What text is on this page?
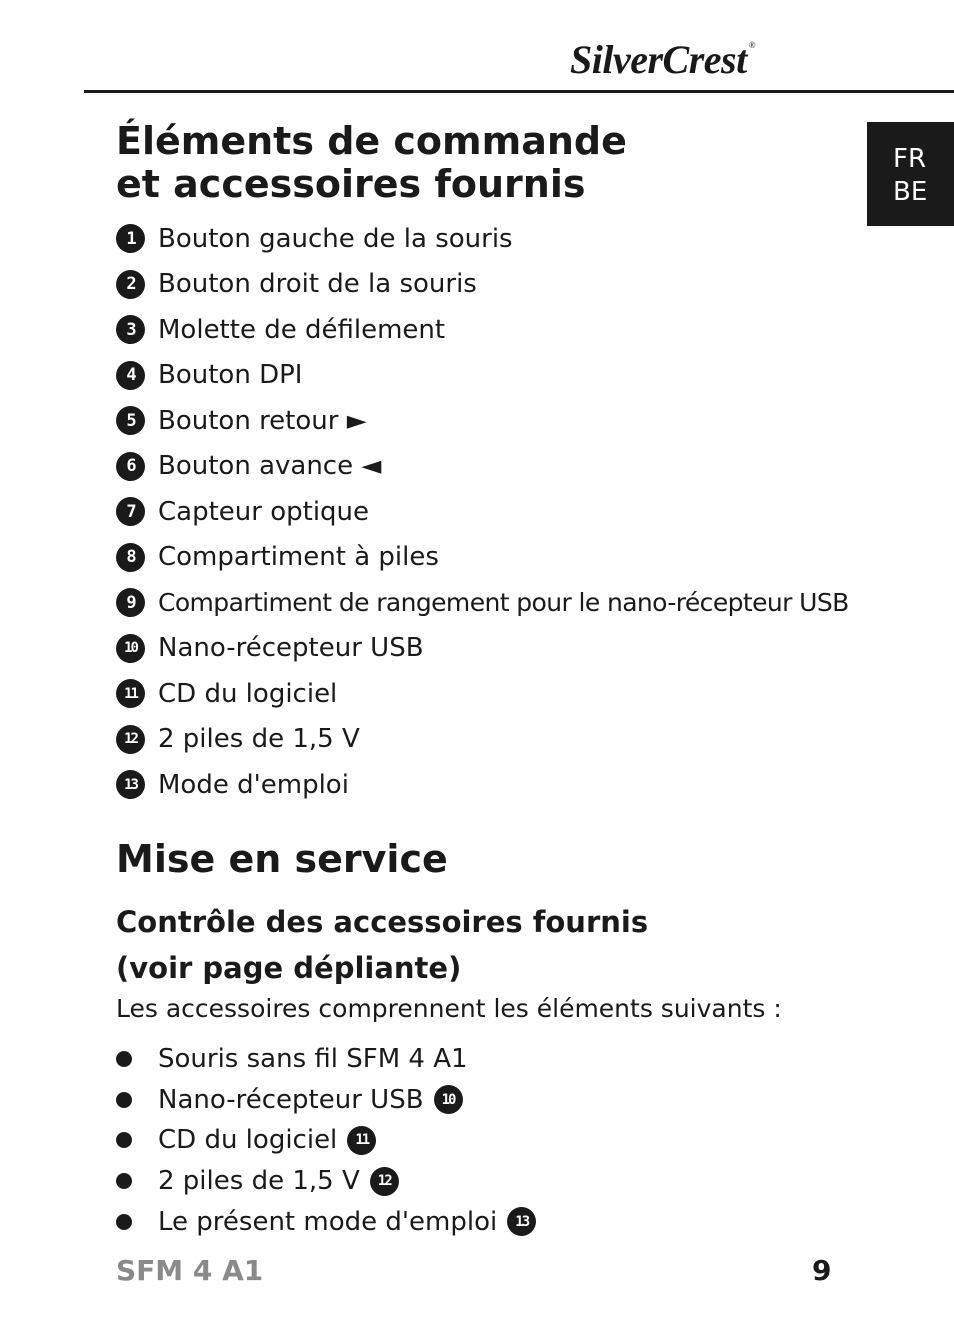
SilverCrest ®
FR
BE
Éléments de commande
et accessoires fournis
1 Bouton gauche de la souris
2 Bouton droit de la souris
3 Molette de défilement
4 Bouton DPI
5 Bouton retour ►
6 Bouton avance ◄
7 Capteur optique
8 Compartiment à piles
9 Compartiment de rangement pour le nano-récepteur USB
10 Nano-récepteur USB
11 CD du logiciel
12 2 piles de 1,5 V
13 Mode d'emploi
Mise en service
Contrôle des accessoires fournis
(voir page dépliante)
Les accessoires comprennent les éléments suivants :
Souris sans fil SFM 4 A1
Nano-récepteur USB	10
CD du logiciel	11
2 piles de 1,5 V	12
Le présent mode d'emploi	13
SFM 4 A1	9
